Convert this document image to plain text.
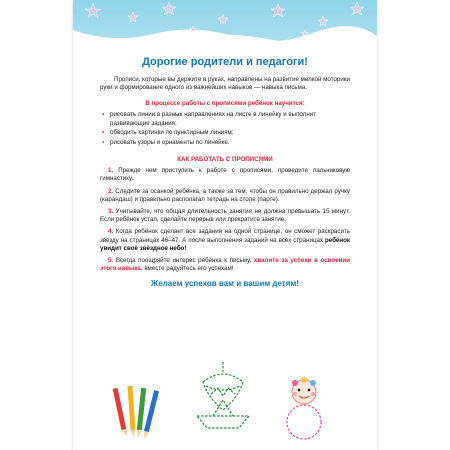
Дорогие родители и педагоги!

Прописи, которые вы держите в руках, направлены на развитие мелкой моторики руки и формирование одного из важнейших навыков — навыка письма.

В процессе работы с прописями ребёнок научится:
• рисовать линии в разных направлениях на листе в линейку и выполнит развивающие задания;
• обводить картинки по пунктирным линиям;
• рисовать узоры и орнаменты по линейке.
КАК РАБОТАТЬ С ПРОПИСЯМИ

1. Прежде чем приступить к работе с прописями, проведите пальчиковую гимнастику.

2. Следите за осанкой ребёнка, а также за тем, чтобы он правильно держал ручку (карандаш) и правильно располагал тетрадь на столе (парте).

3. Учитывайте, что общая длительность занятия не должна превышать 15 минут. Если ребёнок устал, сделайте перерыв или прекратите занятие.

4. Когда ребёнок сделает все задания на одной странице, он сможет раскрасить звезду на страницах 46–47. А после выполнения заданий на всех страницах ребёнок увидит своё звёздное небо!

5. Всегда поощряйте интерес ребёнка к письму, хвалите за успехи в освоении этого навыка, вместе радуйтесь его успехам!

Желаем успехов вам и вашим детям!
